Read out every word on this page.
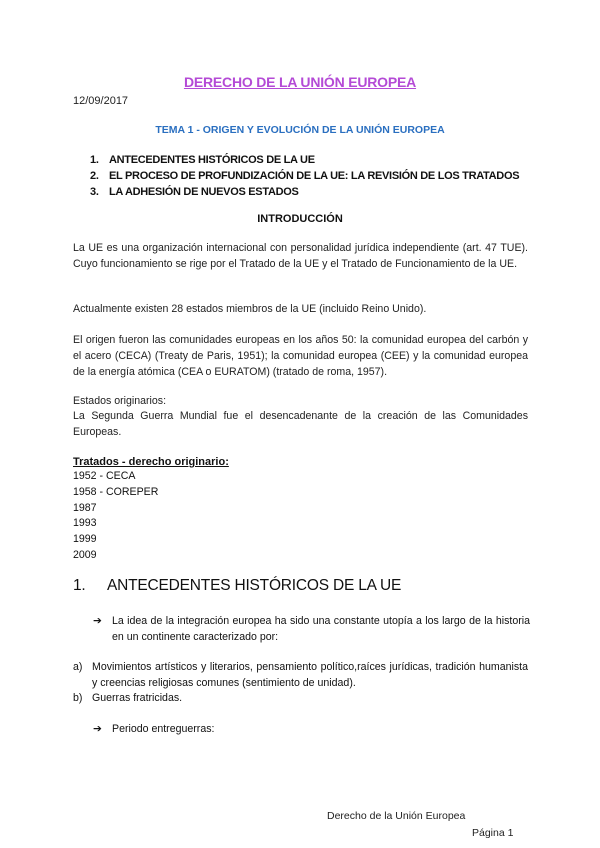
DERECHO DE LA UNIÓN EUROPEA
12/09/2017
TEMA 1 - ORIGEN Y EVOLUCIÓN DE LA UNIÓN EUROPEA
1. ANTECEDENTES HISTÓRICOS DE LA UE
2. EL PROCESO DE PROFUNDIZACIÓN DE LA UE: LA REVISIÓN DE LOS TRATADOS
3. LA ADHESIÓN DE NUEVOS ESTADOS
INTRODUCCIÓN
La UE es una organización internacional con personalidad jurídica independiente (art. 47 TUE). Cuyo funcionamiento se rige por el Tratado de la UE y el Tratado de Funcionamiento de la UE.
Actualmente existen 28 estados miembros de la UE (incluido Reino Unido).
El origen fueron las comunidades europeas en los años 50: la comunidad europea del carbón y el acero (CECA) (Treaty de Paris, 1951); la comunidad europea (CEE) y la comunidad europea de la energía atómica (CEA o EURATOM) (tratado de roma, 1957).
Estados originarios:
La Segunda Guerra Mundial fue el desencadenante de la creación de las Comunidades Europeas.
Tratados - derecho originario:
1952 - CECA
1958 - COREPER
1987
1993
1999
2009
1. ANTECEDENTES HISTÓRICOS DE LA UE
➔ La idea de la integración europea ha sido una constante utopía a los largo de la historia en un continente caracterizado por:
a) Movimientos artísticos y literarios, pensamiento político,raíces jurídicas, tradición humanista y creencias religiosas comunes (sentimiento de unidad).
b) Guerras fratricidas.
➔ Periodo entreguerras:
Derecho de la Unión Europea
Página 1
